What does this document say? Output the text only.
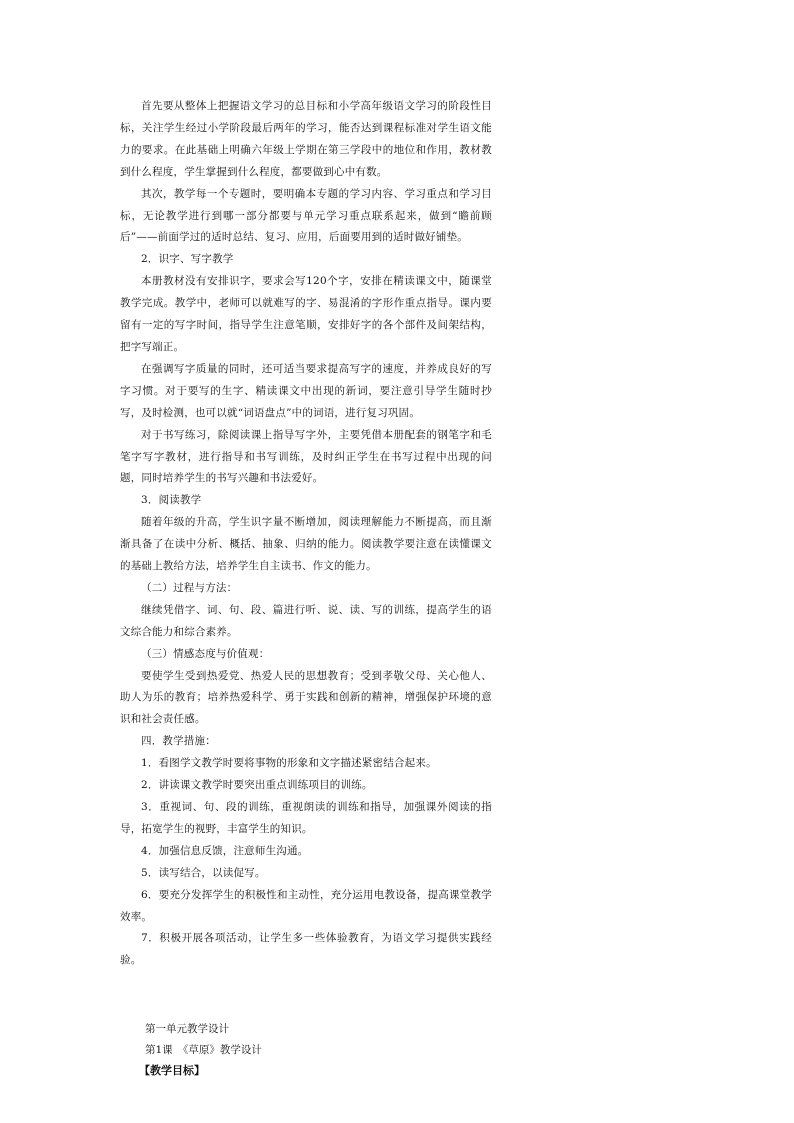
首先要从整体上把握语文学习的总目标和小学高年级语文学习的阶段性目标，关注学生经过小学阶段最后两年的学习，能否达到课程标准对学生语文能力的要求。在此基础上明确六年级上学期在第三学段中的地位和作用，教材教到什么程度，学生掌握到什么程度，都要做到心中有数。

其次，教学每一个专题时，要明确本专题的学习内容、学习重点和学习目标，无论教学进行到哪一部分都要与单元学习重点联系起来，做到“瞻前顾后”——前面学过的适时总结、复习、应用，后面要用到的适时做好铺垫。

2．识字、写字教学

本册教材没有安排识字，要求会写120个字，安排在精读课文中，随课堂教学完成。教学中，老师可以就难写的字、易混淆的字形作重点指导。课内要留有一定的写字时间，指导学生注意笔顺，安排好字的各个部件及间架结构，把字写端正。

在强调写字质量的同时，还可适当要求提高写字的速度，并养成良好的写字习惯。对于要写的生字、精读课文中出现的新词，要注意引导学生随时抄写，及时检测，也可以就“词语盘点”中的词语，进行复习巩固。

对于书写练习，除阅读课上指导写字外，主要凭借本册配套的钢笔字和毛笔字写字教材，进行指导和书写训练，及时纠正学生在书写过程中出现的问题，同时培养学生的书写兴趣和书法爱好。

3．阅读教学

随着年级的升高，学生识字量不断增加，阅读理解能力不断提高，而且渐渐具备了在读中分析、概括、抽象、归纳的能力。阅读教学要注意在读懂课文的基础上教给方法，培养学生自主读书、作文的能力。

（二）过程与方法：

继续凭借字、词、句、段、篇进行听、说、读、写的训练，提高学生的语文综合能力和综合素养。

（三）情感态度与价值观：

要使学生受到热爱党、热爱人民的思想教育；受到孝敬父母、关心他人、助人为乐的教育；培养热爱科学、勇于实践和创新的精神，增强保护环境的意识和社会责任感。

四．教学措施：

1．看图学文教学时要将事物的形象和文字描述紧密结合起来。

2．讲读课文教学时要突出重点训练项目的训练。

3．重视词、句、段的训练，重视朗读的训练和指导，加强课外阅读的指导，拓宽学生的视野，丰富学生的知识。

4．加强信息反馈，注意师生沟通。

5．读写结合，以读促写。

6．要充分发挥学生的积极性和主动性，充分运用电教设备，提高课堂教学效率。

7．积极开展各项活动，让学生多一些体验教育，为语文学习提供实践经验。

第一单元教学设计

第1课　《草原》教学设计

【教学目标】
